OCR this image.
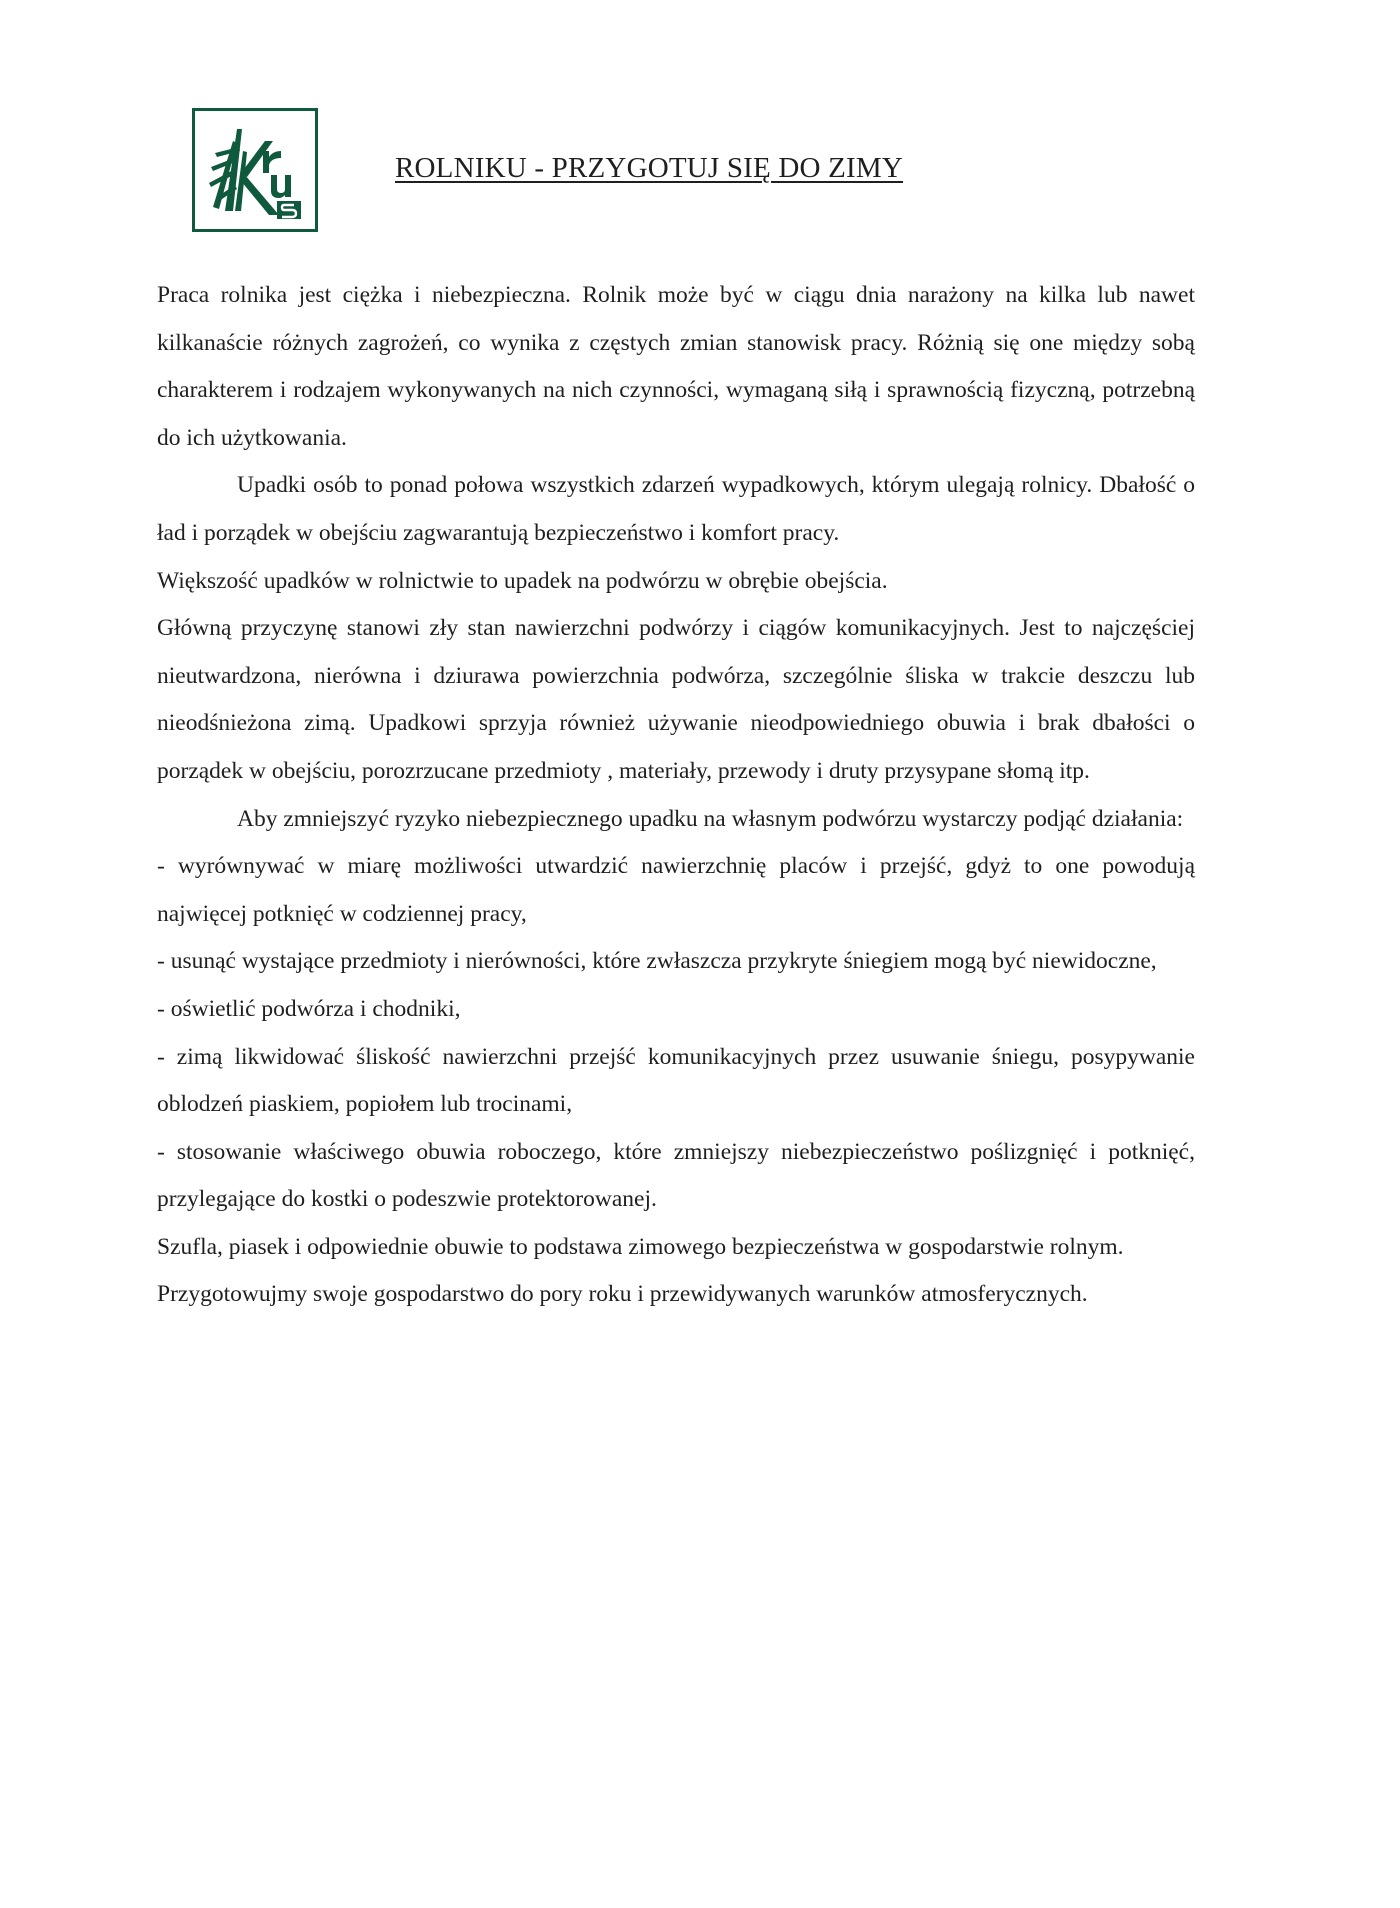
ROLNIKU - PRZYGOTUJ SIĘ DO ZIMY

Praca rolnika jest ciężka i niebezpieczna. Rolnik może być w ciągu dnia narażony na kilka lub nawet kilkanaście różnych zagrożeń, co wynika z częstych zmian stanowisk pracy. Różnią się one między sobą charakterem i rodzajem wykonywanych na nich czynności, wymaganą siłą i sprawnością fizyczną, potrzebną do ich użytkowania.

Upadki osób to ponad połowa wszystkich zdarzeń wypadkowych, którym ulegają rolnicy. Dbałość o ład i porządek w obejściu zagwarantują bezpieczeństwo i komfort pracy.

Większość upadków w rolnictwie to upadek na podwórzu w obrębie obejścia.

Główną przyczynę stanowi zły stan nawierzchni podwórzy i ciągów komunikacyjnych. Jest to najczęściej nieutwardzona, nierówna i dziurawa powierzchnia podwórza, szczególnie śliska w trakcie deszczu lub nieodśnieżona zimą. Upadkowi sprzyja również używanie nieodpowiedniego obuwia i brak dbałości o porządek w obejściu, porozrzucane przedmioty , materiały, przewody i druty przysypane słomą itp.

Aby zmniejszyć ryzyko niebezpiecznego upadku na własnym podwórzu wystarczy podjąć działania:

- wyrównywać w miarę możliwości utwardzić nawierzchnię placów i przejść, gdyż to one powodują najwięcej potknięć w codziennej pracy,

- usunąć wystające przedmioty i nierówności, które zwłaszcza przykryte śniegiem mogą być niewidoczne,

- oświetlić podwórza i chodniki,

- zimą likwidować śliskość nawierzchni przejść komunikacyjnych przez usuwanie śniegu, posypywanie oblodzeń piaskiem, popiołem lub trocinami,

- stosowanie właściwego obuwia roboczego, które zmniejszy niebezpieczeństwo poślizgnięć i potknięć, przylegające do kostki o podeszwie protektorowanej.

Szufla, piasek i odpowiednie obuwie to podstawa zimowego bezpieczeństwa w gospodarstwie rolnym.

Przygotowujmy swoje gospodarstwo do pory roku i przewidywanych warunków atmosferycznych.
